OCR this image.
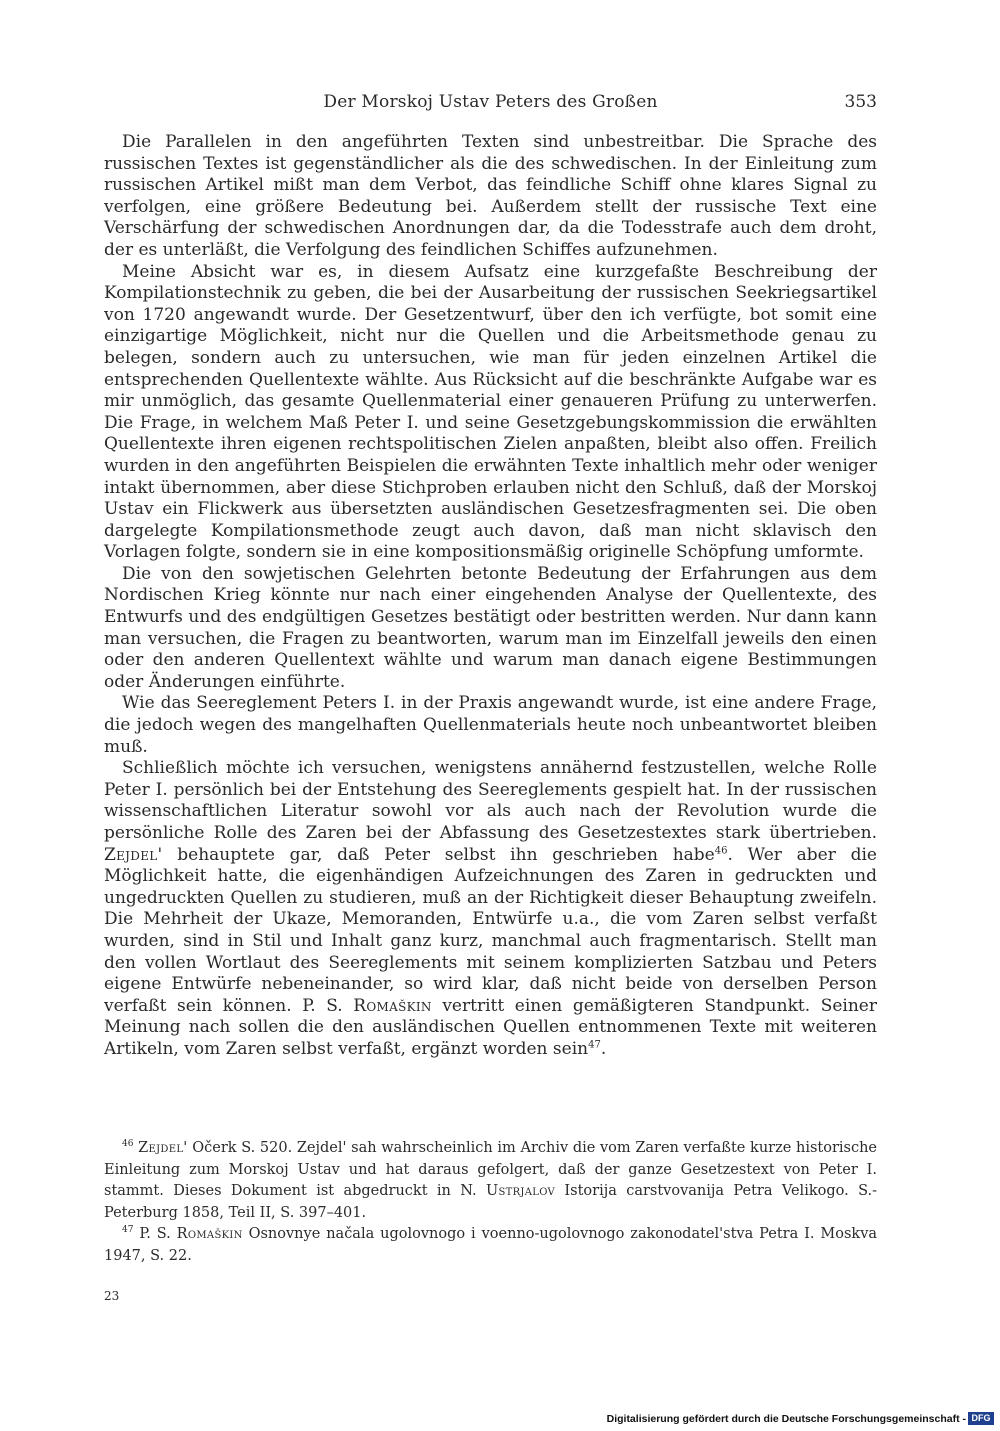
Der Morskoj Ustav Peters des Großen	353

Die Parallelen in den angeführten Texten sind unbestreitbar. Die Sprache des russischen Textes ist gegenständlicher als die des schwedischen. In der Einleitung zum russischen Artikel mißt man dem Verbot, das feindliche Schiff ohne klares Signal zu verfolgen, eine größere Bedeutung bei. Außerdem stellt der russische Text eine Verschärfung der schwedischen Anordnungen dar, da die Todesstrafe auch dem droht, der es unterläßt, die Verfolgung des feindlichen Schiffes aufzunehmen.

Meine Absicht war es, in diesem Aufsatz eine kurzgefaßte Beschreibung der Kompilationstechnik zu geben, die bei der Ausarbeitung der russischen Seekriegsartikel von 1720 angewandt wurde. Der Gesetzentwurf, über den ich verfügte, bot somit eine einzigartige Möglichkeit, nicht nur die Quellen und die Arbeitsmethode genau zu belegen, sondern auch zu untersuchen, wie man für jeden einzelnen Artikel die entsprechenden Quellentexte wählte. Aus Rücksicht auf die beschränkte Aufgabe war es mir unmöglich, das gesamte Quellenmaterial einer genaueren Prüfung zu unterwerfen. Die Frage, in welchem Maß Peter I. und seine Gesetzgebungskommission die erwählten Quellentexte ihren eigenen rechtspolitischen Zielen anpaßten, bleibt also offen. Freilich wurden in den angeführten Beispielen die erwähnten Texte inhaltlich mehr oder weniger intakt übernommen, aber diese Stichproben erlauben nicht den Schluß, daß der Morskoj Ustav ein Flickwerk aus übersetzten ausländischen Gesetzesfragmenten sei. Die oben dargelegte Kompilationsmethode zeugt auch davon, daß man nicht sklavisch den Vorlagen folgte, sondern sie in eine kompositionsmäßig originelle Schöpfung umformte.

Die von den sowjetischen Gelehrten betonte Bedeutung der Erfahrungen aus dem Nordischen Krieg könnte nur nach einer eingehenden Analyse der Quellentexte, des Entwurfs und des endgültigen Gesetzes bestätigt oder bestritten werden. Nur dann kann man versuchen, die Fragen zu beantworten, warum man im Einzelfall jeweils den einen oder den anderen Quellentext wählte und warum man danach eigene Bestimmungen oder Änderungen einführte.

Wie das Seereglement Peters I. in der Praxis angewandt wurde, ist eine andere Frage, die jedoch wegen des mangelhaften Quellenmaterials heute noch unbeantwortet bleiben muß.

Schließlich möchte ich versuchen, wenigstens annähernd festzustellen, welche Rolle Peter I. persönlich bei der Entstehung des Seereglements gespielt hat. In der russischen wissenschaftlichen Literatur sowohl vor als auch nach der Revolution wurde die persönliche Rolle des Zaren bei der Abfassung des Gesetzestextes stark übertrieben. Zejdel' behauptete gar, daß Peter selbst ihn geschrieben habe$^{46}$. Wer aber die Möglichkeit hatte, die eigenhändigen Aufzeichnungen des Zaren in gedruckten und ungedruckten Quellen zu studieren, muß an der Richtigkeit dieser Behauptung zweifeln. Die Mehrheit der Ukaze, Memoranden, Entwürfe u.a., die vom Zaren selbst verfaßt wurden, sind in Stil und Inhalt ganz kurz, manchmal auch fragmentarisch. Stellt man den vollen Wortlaut des Seereglements mit seinem komplizierten Satzbau und Peters eigene Entwürfe nebeneinander, so wird klar, daß nicht beide von derselben Person verfaßt sein können. P. S. Romaškin vertritt einen gemäßigteren Standpunkt. Seiner Meinung nach sollen die den ausländischen Quellen entnommenen Texte mit weiteren Artikeln, vom Zaren selbst verfaßt, ergänzt worden sein$^{47}$.

$^{46}$ Zejdel' Očerk S. 520. Zejdel' sah wahrscheinlich im Archiv die vom Zaren verfaßte kurze historische Einleitung zum Morskoj Ustav und hat daraus gefolgert, daß der ganze Gesetzestext von Peter I. stammt. Dieses Dokument ist abgedruckt in N. Ustrjalov Istorija carstvovanija Petra Velikogo. S.-Peterburg 1858, Teil II, S. 397–401.

$^{47}$ P. S. Romaškin Osnovnye načala ugolovnogo i voenno-ugolovnogo zakonodatel'stva Petra I. Moskva 1947, S. 22.

23
Digitalisierung gefördert durch die Deutsche Forschungsgemeinschaft - DFG
